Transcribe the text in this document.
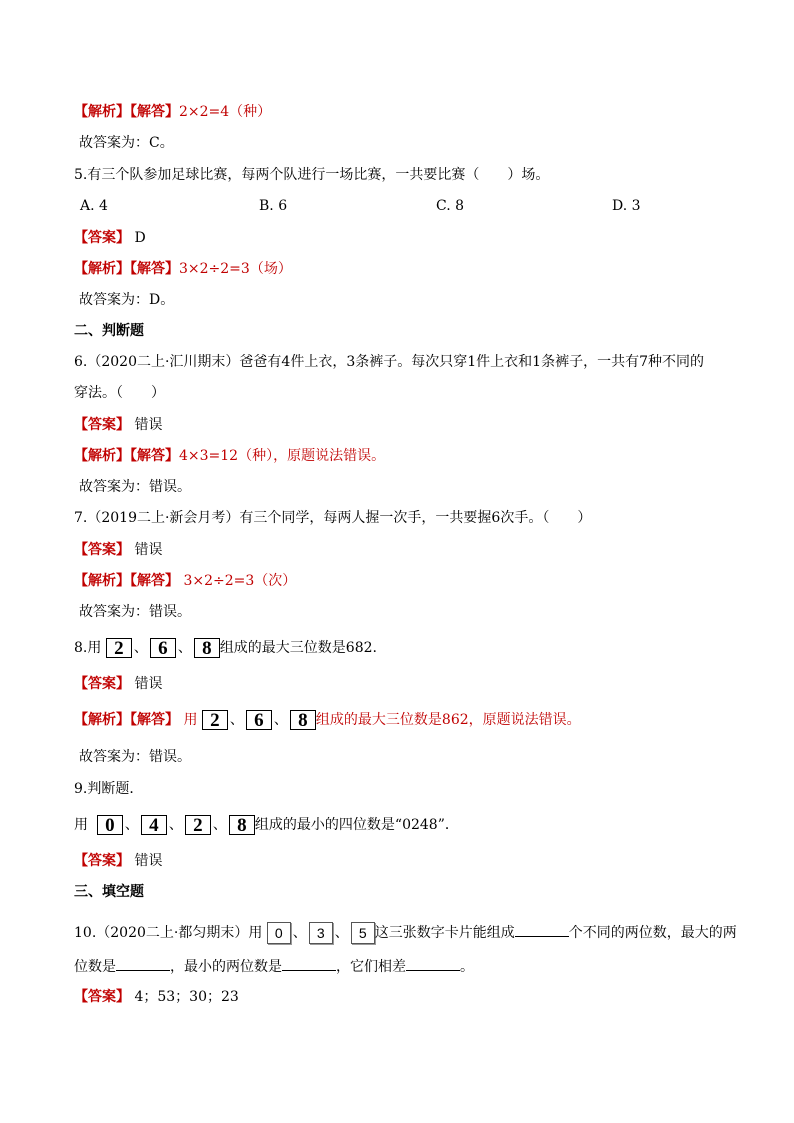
【解析】【解答】2×2=4（种）
故答案为：C。
5.有三个队参加足球比赛，每两个队进行一场比赛，一共要比赛（　　）场。
A. 4	B. 6	C. 8	D. 3
【答案】 D
【解析】【解答】3×2÷2=3（场）
故答案为：D。
二、判断题
6.（2020二上·汇川期末）爸爸有4件上衣，3条裤子。每次只穿1件上衣和1条裤子，一共有7种不同的
穿法。（　　）
【答案】 错误
【解析】【解答】4×3=12（种），原题说法错误。
故答案为：错误。
7.（2019二上·新会月考）有三个同学，每两人握一次手，一共要握6次手。（　　）
【答案】 错误
【解析】【解答】 3×2÷2=3（次）
故答案为：错误。
8.用 2 、 6 、 8 组成的最大三位数是682.
【答案】 错误
【解析】【解答】 用 2 、 6 、 8 组成的最大三位数是862，原题说法错误。
故答案为：错误。
9.判断题．
用 0 、 4 、 2 、 8 组成的最小的四位数是“0248”．
【答案】 错误
三、填空题
10.（2020二上·都匀期末）用 0 、 3 、 5 这三张数字卡片能组成	个不同的两位数，最大的两
位数是	，最小的两位数是	，它们相差	。
【答案】 4；53；30；23
